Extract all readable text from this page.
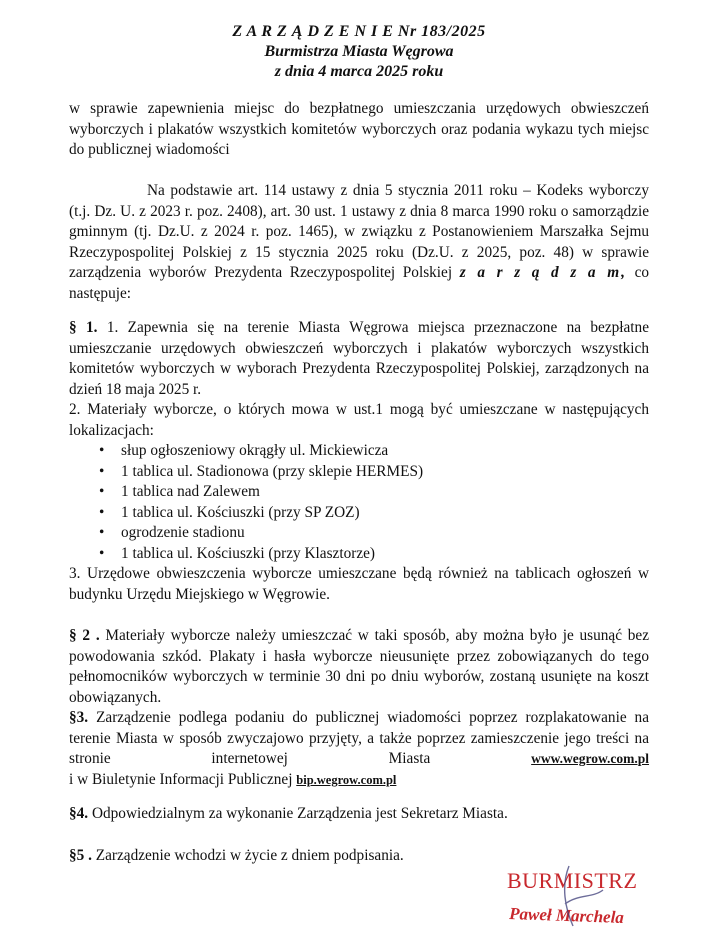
Z A R Z Ą D Z E N I E Nr 183/2025
Burmistrza Miasta Węgrowa
z dnia 4 marca 2025 roku

w sprawie zapewnienia miejsc do bezpłatnego umieszczania urzędowych obwieszczeń wyborczych i plakatów wszystkich komitetów wyborczych oraz podania wykazu tych miejsc do publicznej wiadomości

Na podstawie art. 114 ustawy z dnia 5 stycznia 2011 roku – Kodeks wyborczy (t.j. Dz. U. z 2023 r. poz. 2408), art. 30 ust. 1 ustawy z dnia 8 marca 1990 roku o samorządzie gminnym (tj. Dz.U. z 2024 r. poz. 1465), w związku z Postanowieniem Marszałka Sejmu Rzeczypospolitej Polskiej z 15 stycznia 2025 roku (Dz.U. z 2025, poz. 48) w sprawie zarządzenia wyborów Prezydenta Rzeczypospolitej Polskiej z a r z ą d z a m, co następuje:

§ 1. 1. Zapewnia się na terenie Miasta Węgrowa miejsca przeznaczone na bezpłatne umieszczanie urzędowych obwieszczeń wyborczych i plakatów wyborczych wszystkich komitetów wyborczych w wyborach Prezydenta Rzeczypospolitej Polskiej, zarządzonych na dzień 18 maja 2025 r.

2. Materiały wyborcze, o których mowa w ust.1 mogą być umieszczane w następujących lokalizacjach:

• słup ogłoszeniowy okrągły ul. Mickiewicza
• 1 tablica ul. Stadionowa (przy sklepie HERMES)
• 1 tablica nad Zalewem
• 1 tablica ul. Kościuszki (przy SP ZOZ)
• ogrodzenie stadionu
• 1 tablica ul. Kościuszki (przy Klasztorze)

3. Urzędowe obwieszczenia wyborcze umieszczane będą również na tablicach ogłoszeń w budynku Urzędu Miejskiego w Węgrowie.

§ 2 . Materiały wyborcze należy umieszczać w taki sposób, aby można było je usunąć bez powodowania szkód. Plakaty i hasła wyborcze nieusunięte przez zobowiązanych do tego pełnomocników wyborczych w terminie 30 dni po dniu wyborów, zostaną usunięte na koszt obowiązanych.

§3. Zarządzenie podlega podaniu do publicznej wiadomości poprzez rozplakatowanie na terenie Miasta w sposób zwyczajowo przyjęty, a także poprzez zamieszczenie jego treści na stronie internetowej Miasta	www.wegrow.com.pl

i w Biuletynie Informacji Publicznej bip.wegrow.com.pl

§4. Odpowiedzialnym za wykonanie Zarządzenia jest Sekretarz Miasta.

§5 . Zarządzenie wchodzi w życie z dniem podpisania.

BURMISTRZ
Paweł Marchela
